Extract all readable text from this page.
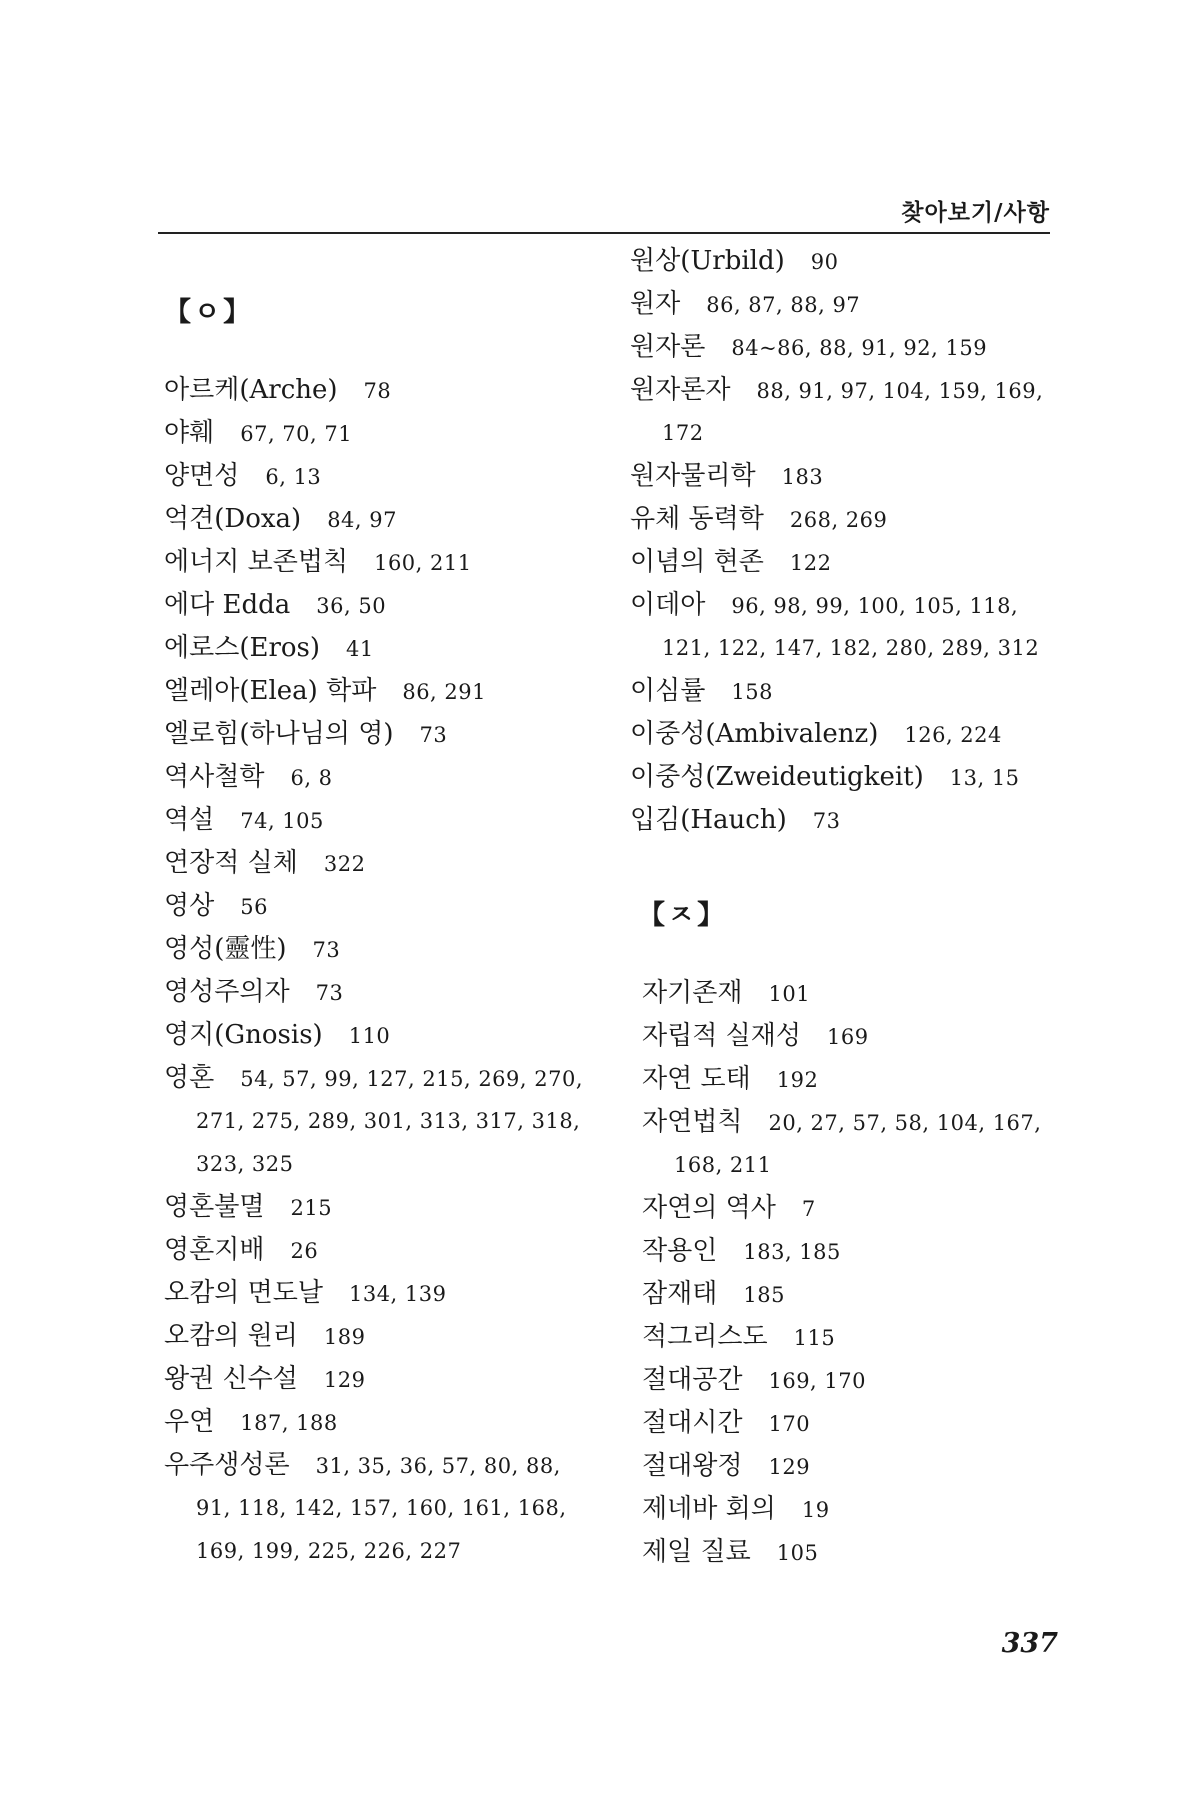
찾아보기/사항
【ㅇ】
아르케(Arche) 78
야훼 67, 70, 71
양면성 6, 13
억견(Doxa) 84, 97
에너지 보존법칙 160, 211
에다 Edda 36, 50
에로스(Eros) 41
엘레아(Elea) 학파 86, 291
엘로힘(하나님의 영) 73
역사철학 6, 8
역설 74, 105
연장적 실체 322
영상 56
영성(靈性) 73
영성주의자 73
영지(Gnosis) 110
영혼 54, 57, 99, 127, 215, 269, 270,
271, 275, 289, 301, 313, 317, 318,
323, 325
영혼불멸 215
영혼지배 26
오캄의 면도날 134, 139
오캄의 원리 189
왕권 신수설 129
우연 187, 188
우주생성론 31, 35, 36, 57, 80, 88,
91, 118, 142, 157, 160, 161, 168,
169, 199, 225, 226, 227
【ㅈ】
원상(Urbild) 90
원자 86, 87, 88, 97
원자론 84~86, 88, 91, 92, 159
원자론자 88, 91, 97, 104, 159, 169,
172
원자물리학 183
유체 동력학 268, 269
이념의 현존 122
이데아 96, 98, 99, 100, 105, 118,
121, 122, 147, 182, 280, 289, 312
이심률 158
이중성(Ambivalenz) 126, 224
이중성(Zweideutigkeit) 13, 15
입김(Hauch) 73
자기존재 101
자립적 실재성 169
자연 도태 192
자연법칙 20, 27, 57, 58, 104, 167,
168, 211
자연의 역사 7
작용인 183, 185
잠재태 185
적그리스도 115
절대공간 169, 170
절대시간 170
절대왕정 129
제네바 회의 19
제일 질료 105
337
